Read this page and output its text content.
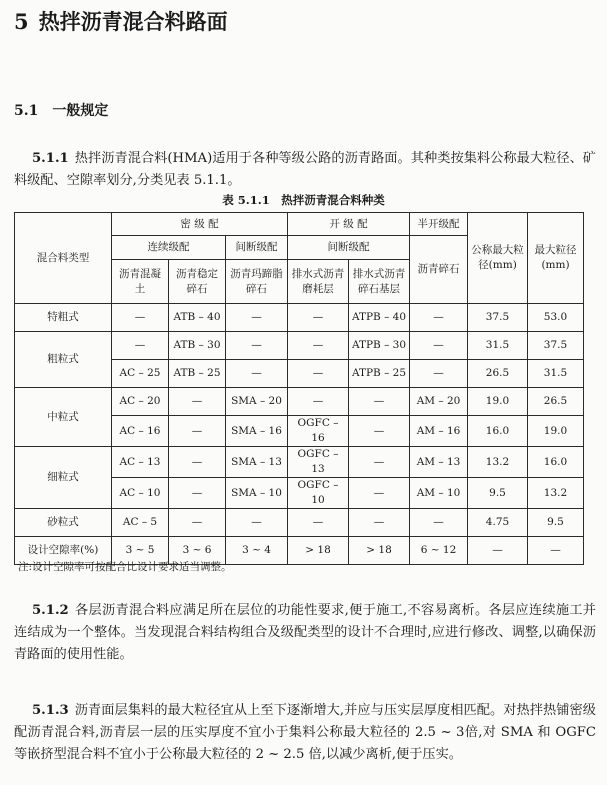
5 热拌沥青混合料路面
5.1 一般规定
5.1.1 热拌沥青混合料(HMA)适用于各种等级公路的沥青路面。其种类按集料公称最大粒径、矿料级配、空隙率划分,分类见表 5.1.1。
表 5.1.1　热拌沥青混合料种类
混合料类型	密 级 配			开 级 配		半开级配	公称最大粒径(mm)	最大粒径(mm)
	连续级配		间断级配	间断级配		沥青碎石		
	沥青混凝土	沥青稳定碎石	沥青玛蹄脂碎石	排水式沥青磨耗层	排水式沥青碎石基层			
特粗式	—	ATB – 40	—	—	ATPB – 40	—	37.5	53.0
粗粒式	—	ATB – 30	—	—	ATPB – 30	—	31.5	37.5
	AC – 25	ATB – 25	—	—	ATPB – 25	—	26.5	31.5
中粒式	AC – 20	—	SMA – 20	—	—	AM – 20	19.0	26.5
	AC – 16	—	SMA – 16	OGFC – 16	—	AM – 16	16.0	19.0
细粒式	AC – 13	—	SMA – 13	OGFC – 13	—	AM – 13	13.2	16.0
	AC – 10	—	SMA – 10	OGFC – 10	—	AM – 10	9.5	13.2
砂粒式	AC – 5	—	—	—	—	—	4.75	9.5
设计空隙率(%)	3 ~ 5	3 ~ 6	3 ~ 4	> 18	> 18	6 ~ 12	—	—
注:设计空隙率可按配合比设计要求适当调整。
5.1.2 各层沥青混合料应满足所在层位的功能性要求,便于施工,不容易离析。各层应连续施工并连结成为一个整体。当发现混合料结构组合及级配类型的设计不合理时,应进行修改、调整,以确保沥青路面的使用性能。
5.1.3 沥青面层集料的最大粒径宜从上至下逐渐增大,并应与压实层厚度相匹配。对热拌热铺密级配沥青混合料,沥青层一层的压实厚度不宜小于集料公称最大粒径的 2.5 ~ 3倍,对 SMA 和 OGFC 等嵌挤型混合料不宜小于公称最大粒径的 2 ~ 2.5 倍,以减少离析,便于压实。
